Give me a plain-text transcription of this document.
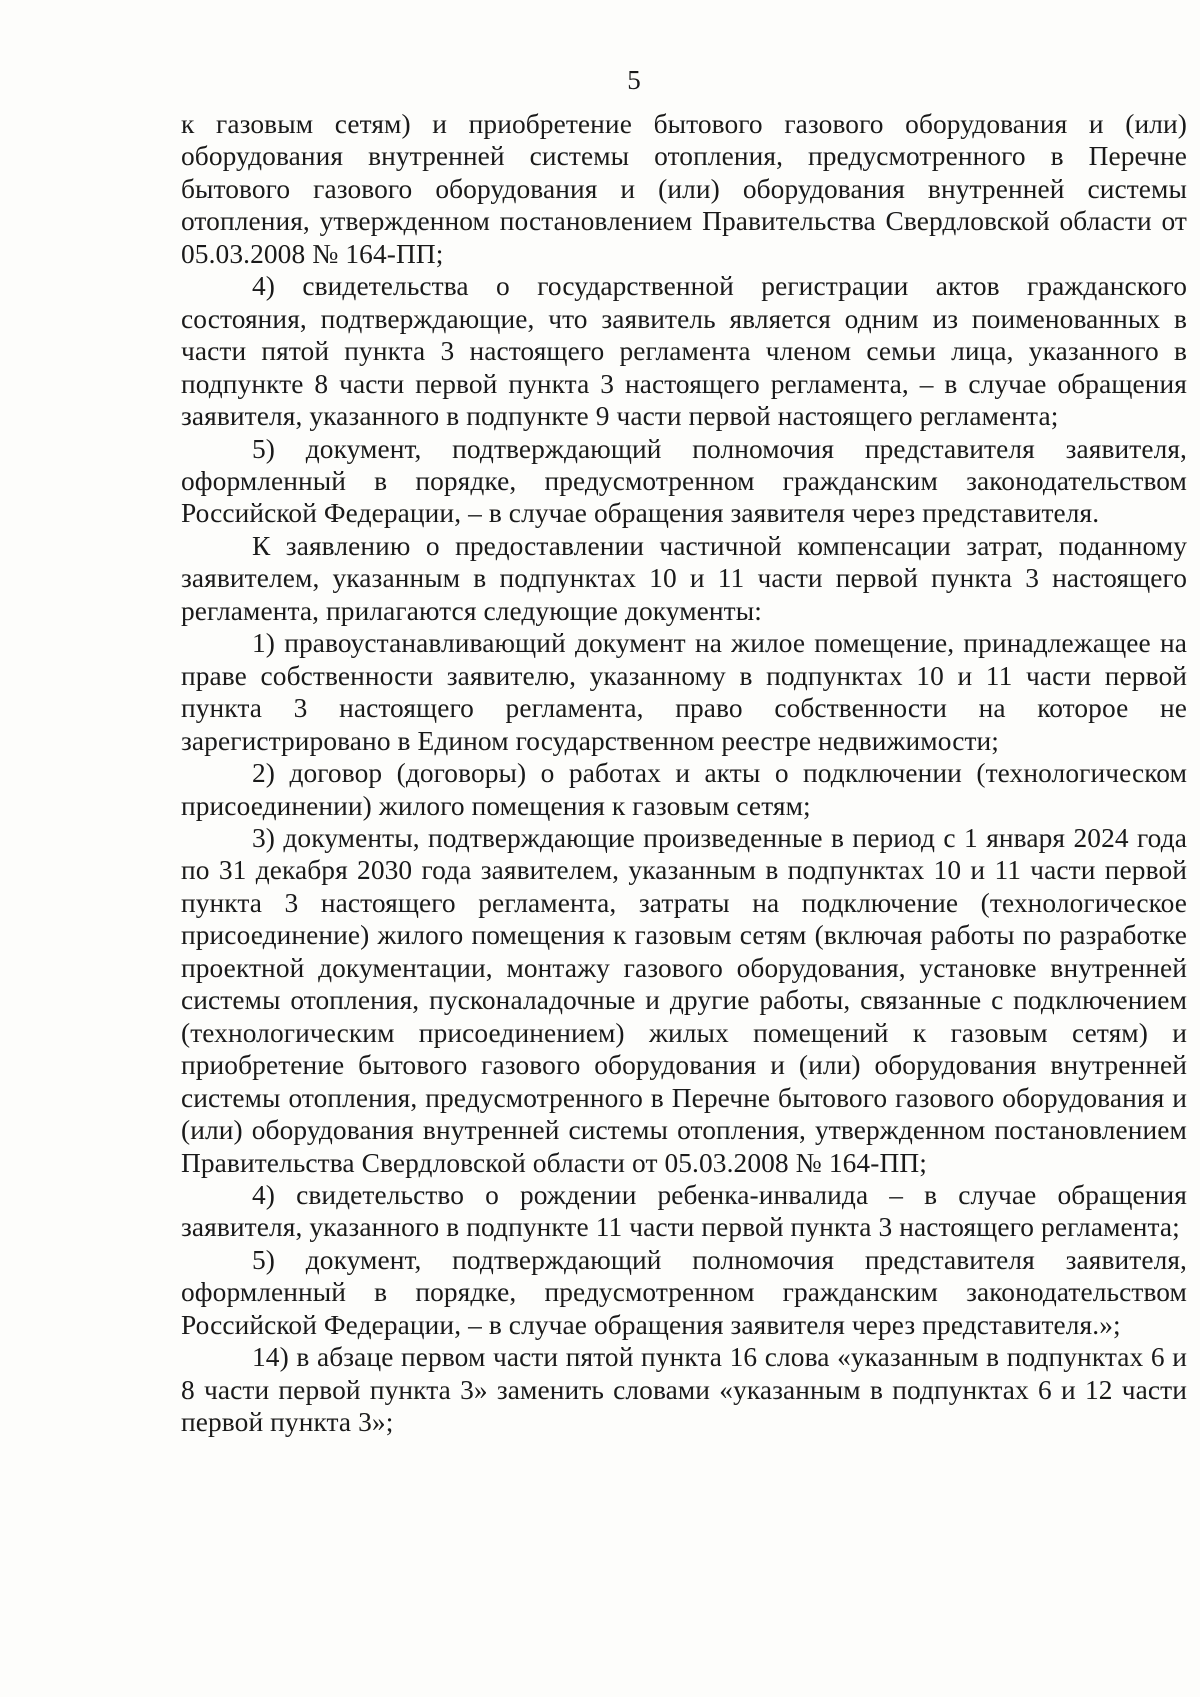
5

к газовым сетям) и приобретение бытового газового оборудования и (или) оборудования внутренней системы отопления, предусмотренного в Перечне бытового газового оборудования и (или) оборудования внутренней системы отопления, утвержденном постановлением Правительства Свердловской области от 05.03.2008 № 164-ПП;

4) свидетельства о государственной регистрации актов гражданского состояния, подтверждающие, что заявитель является одним из поименованных в части пятой пункта 3 настоящего регламента членом семьи лица, указанного в подпункте 8 части первой пункта 3 настоящего регламента, – в случае обращения заявителя, указанного в подпункте 9 части первой настоящего регламента;

5) документ, подтверждающий полномочия представителя заявителя, оформленный в порядке, предусмотренном гражданским законодательством Российской Федерации, – в случае обращения заявителя через представителя.

К заявлению о предоставлении частичной компенсации затрат, поданному заявителем, указанным в подпунктах 10 и 11 части первой пункта 3 настоящего регламента, прилагаются следующие документы:

1) правоустанавливающий документ на жилое помещение, принадлежащее на праве собственности заявителю, указанному в подпунктах 10 и 11 части первой пункта 3 настоящего регламента, право собственности на которое не зарегистрировано в Едином государственном реестре недвижимости;

2) договор (договоры) о работах и акты о подключении (технологическом присоединении) жилого помещения к газовым сетям;

3) документы, подтверждающие произведенные в период с 1 января 2024 года по 31 декабря 2030 года заявителем, указанным в подпунктах 10 и 11 части первой пункта 3 настоящего регламента, затраты на подключение (технологическое присоединение) жилого помещения к газовым сетям (включая работы по разработке проектной документации, монтажу газового оборудования, установке внутренней системы отопления, пусконаладочные и другие работы, связанные с подключением (технологическим присоединением) жилых помещений к газовым сетям) и приобретение бытового газового оборудования и (или) оборудования внутренней системы отопления, предусмотренного в Перечне бытового газового оборудования и (или) оборудования внутренней системы отопления, утвержденном постановлением Правительства Свердловской области от 05.03.2008 № 164-ПП;

4) свидетельство о рождении ребенка-инвалида – в случае обращения заявителя, указанного в подпункте 11 части первой пункта 3 настоящего регламента;

5) документ, подтверждающий полномочия представителя заявителя, оформленный в порядке, предусмотренном гражданским законодательством Российской Федерации, – в случае обращения заявителя через представителя.»;

14) в абзаце первом части пятой пункта 16 слова «указанным в подпунктах 6 и 8 части первой пункта 3» заменить словами «указанным в подпунктах 6 и 12 части первой пункта 3»;
